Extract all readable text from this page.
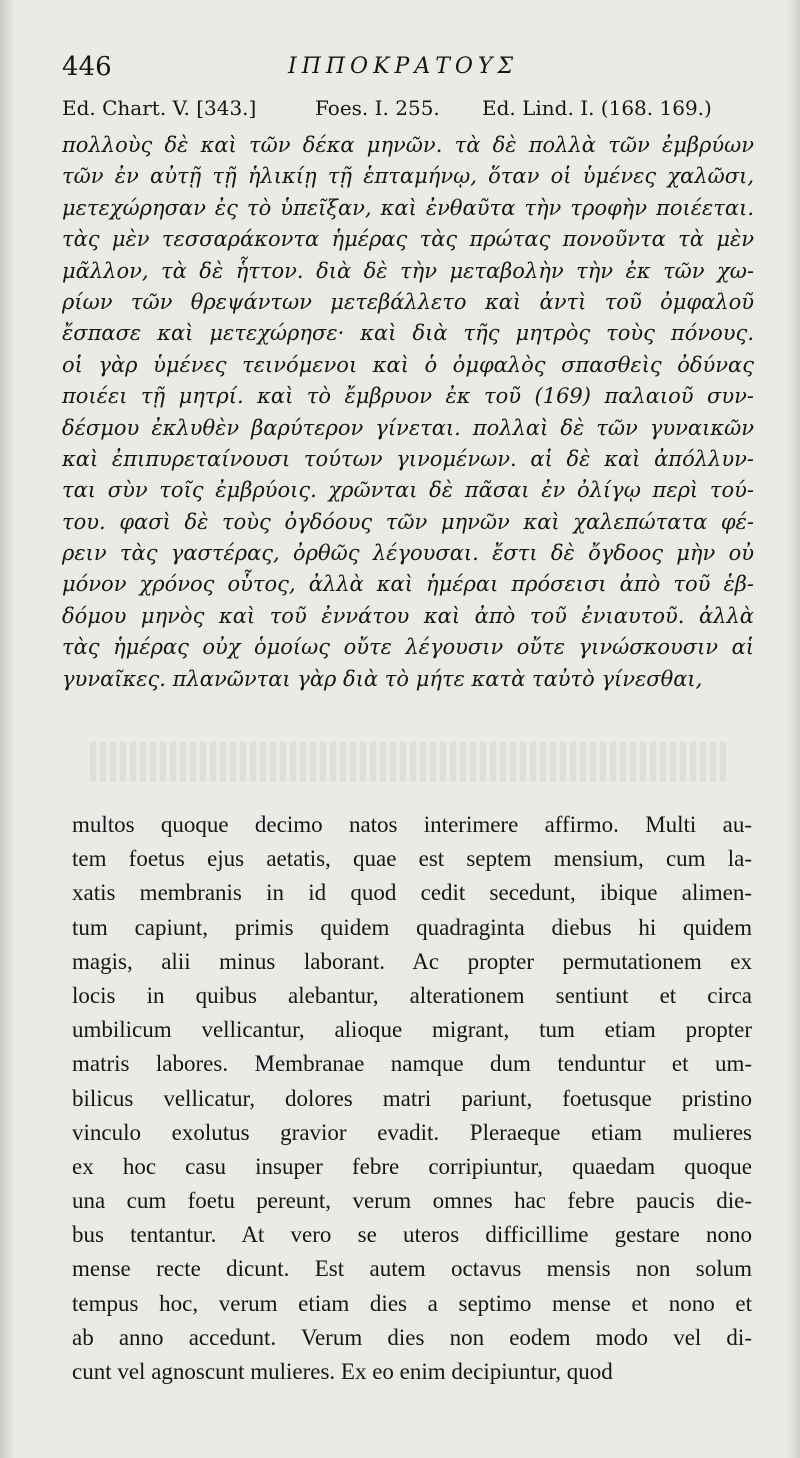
446	ΙΠΠΟΚΡΑΤΟΥΣ
Ed. Chart. V. [343.]	Foes. I. 255. Ed. Lind. I. (168. 169.)
πολλοὺς δὲ καὶ τῶν δέκα μηνῶν. τὰ δὲ πολλὰ τῶν ἐμβρύων
τῶν ἐν αὐτῇ τῇ ἡλικίῃ τῇ ἑπταμήνῳ, ὅταν οἱ ὑμένες χαλῶσι,
μετεχώρησαν ἐς τὸ ὑπεῖξαν, καὶ ἐνθαῦτα τὴν τροφὴν ποιέεται.
τὰς μὲν τεσσαράκοντα ἡμέρας τὰς πρώτας πονοῦντα τὰ μὲν
μᾶλλον, τὰ δὲ ἧττον. διὰ δὲ τὴν μεταβολὴν τὴν ἐκ τῶν χω-
ρίων τῶν θρεψάντων μετεβάλλετο καὶ ἀντὶ τοῦ ὀμφαλοῦ
ἔσπασε καὶ μετεχώρησε· καὶ διὰ τῆς μητρὸς τοὺς πόνους.
οἱ γὰρ ὑμένες τεινόμενοι καὶ ὁ ὀμφαλὸς σπασθεὶς ὀδύνας
ποιέει τῇ μητρί. καὶ τὸ ἔμβρυον ἐκ τοῦ (169) παλαιοῦ συν-
δέσμου ἐκλυθὲν βαρύτερον γίνεται. πολλαὶ δὲ τῶν γυναικῶν
καὶ ἐπιπυρεταίνουσι τούτων γινομένων. αἱ δὲ καὶ ἀπόλλυν-
ται σὺν τοῖς ἐμβρύοις. χρῶνται δὲ πᾶσαι ἐν ὀλίγῳ περὶ τού-
του. φασὶ δὲ τοὺς ὀγδόους τῶν μηνῶν καὶ χαλεπώτατα φέ-
ρειν τὰς γαστέρας, ὀρθῶς λέγουσαι. ἔστι δὲ ὄγδοος μὴν οὐ
μόνον χρόνος οὗτος, ἀλλὰ καὶ ἡμέραι πρόσεισι ἀπὸ τοῦ ἑβ-
δόμου μηνὸς καὶ τοῦ ἐννάτου καὶ ἀπὸ τοῦ ἐνιαυτοῦ. ἀλλὰ
τὰς ἡμέρας οὐχ ὁμοίως οὔτε λέγουσιν οὔτε γινώσκουσιν αἱ
γυναῖκες. πλανῶνται γὰρ διὰ τὸ μήτε κατὰ ταὐτὸ γίνεσθαι,
multos quoque decimo natos interimere affirmo. Multi au-
tem foetus ejus aetatis, quae est septem mensium, cum la-
xatis membranis in id quod cedit secedunt, ibique alimen-
tum capiunt, primis quidem quadraginta diebus hi quidem
magis, alii minus laborant. Ac propter permutationem ex
locis in quibus alebantur, alterationem sentiunt et circa
umbilicum vellicantur, alioque migrant, tum etiam propter
matris labores. Membranae namque dum tenduntur et um-
bilicus vellicatur, dolores matri pariunt, foetusque pristino
vinculo exolutus gravior evadit. Pleraeque etiam mulieres
ex hoc casu insuper febre corripiuntur, quaedam quoque
una cum foetu pereunt, verum omnes hac febre paucis die-
bus tentantur. At vero se uteros difficillime gestare nono
mense recte dicunt. Est autem octavus mensis non solum
tempus hoc, verum etiam dies a septimo mense et nono et
ab anno accedunt. Verum dies non eodem modo vel di-
cunt vel agnoscunt mulieres. Ex eo enim decipiuntur, quod
